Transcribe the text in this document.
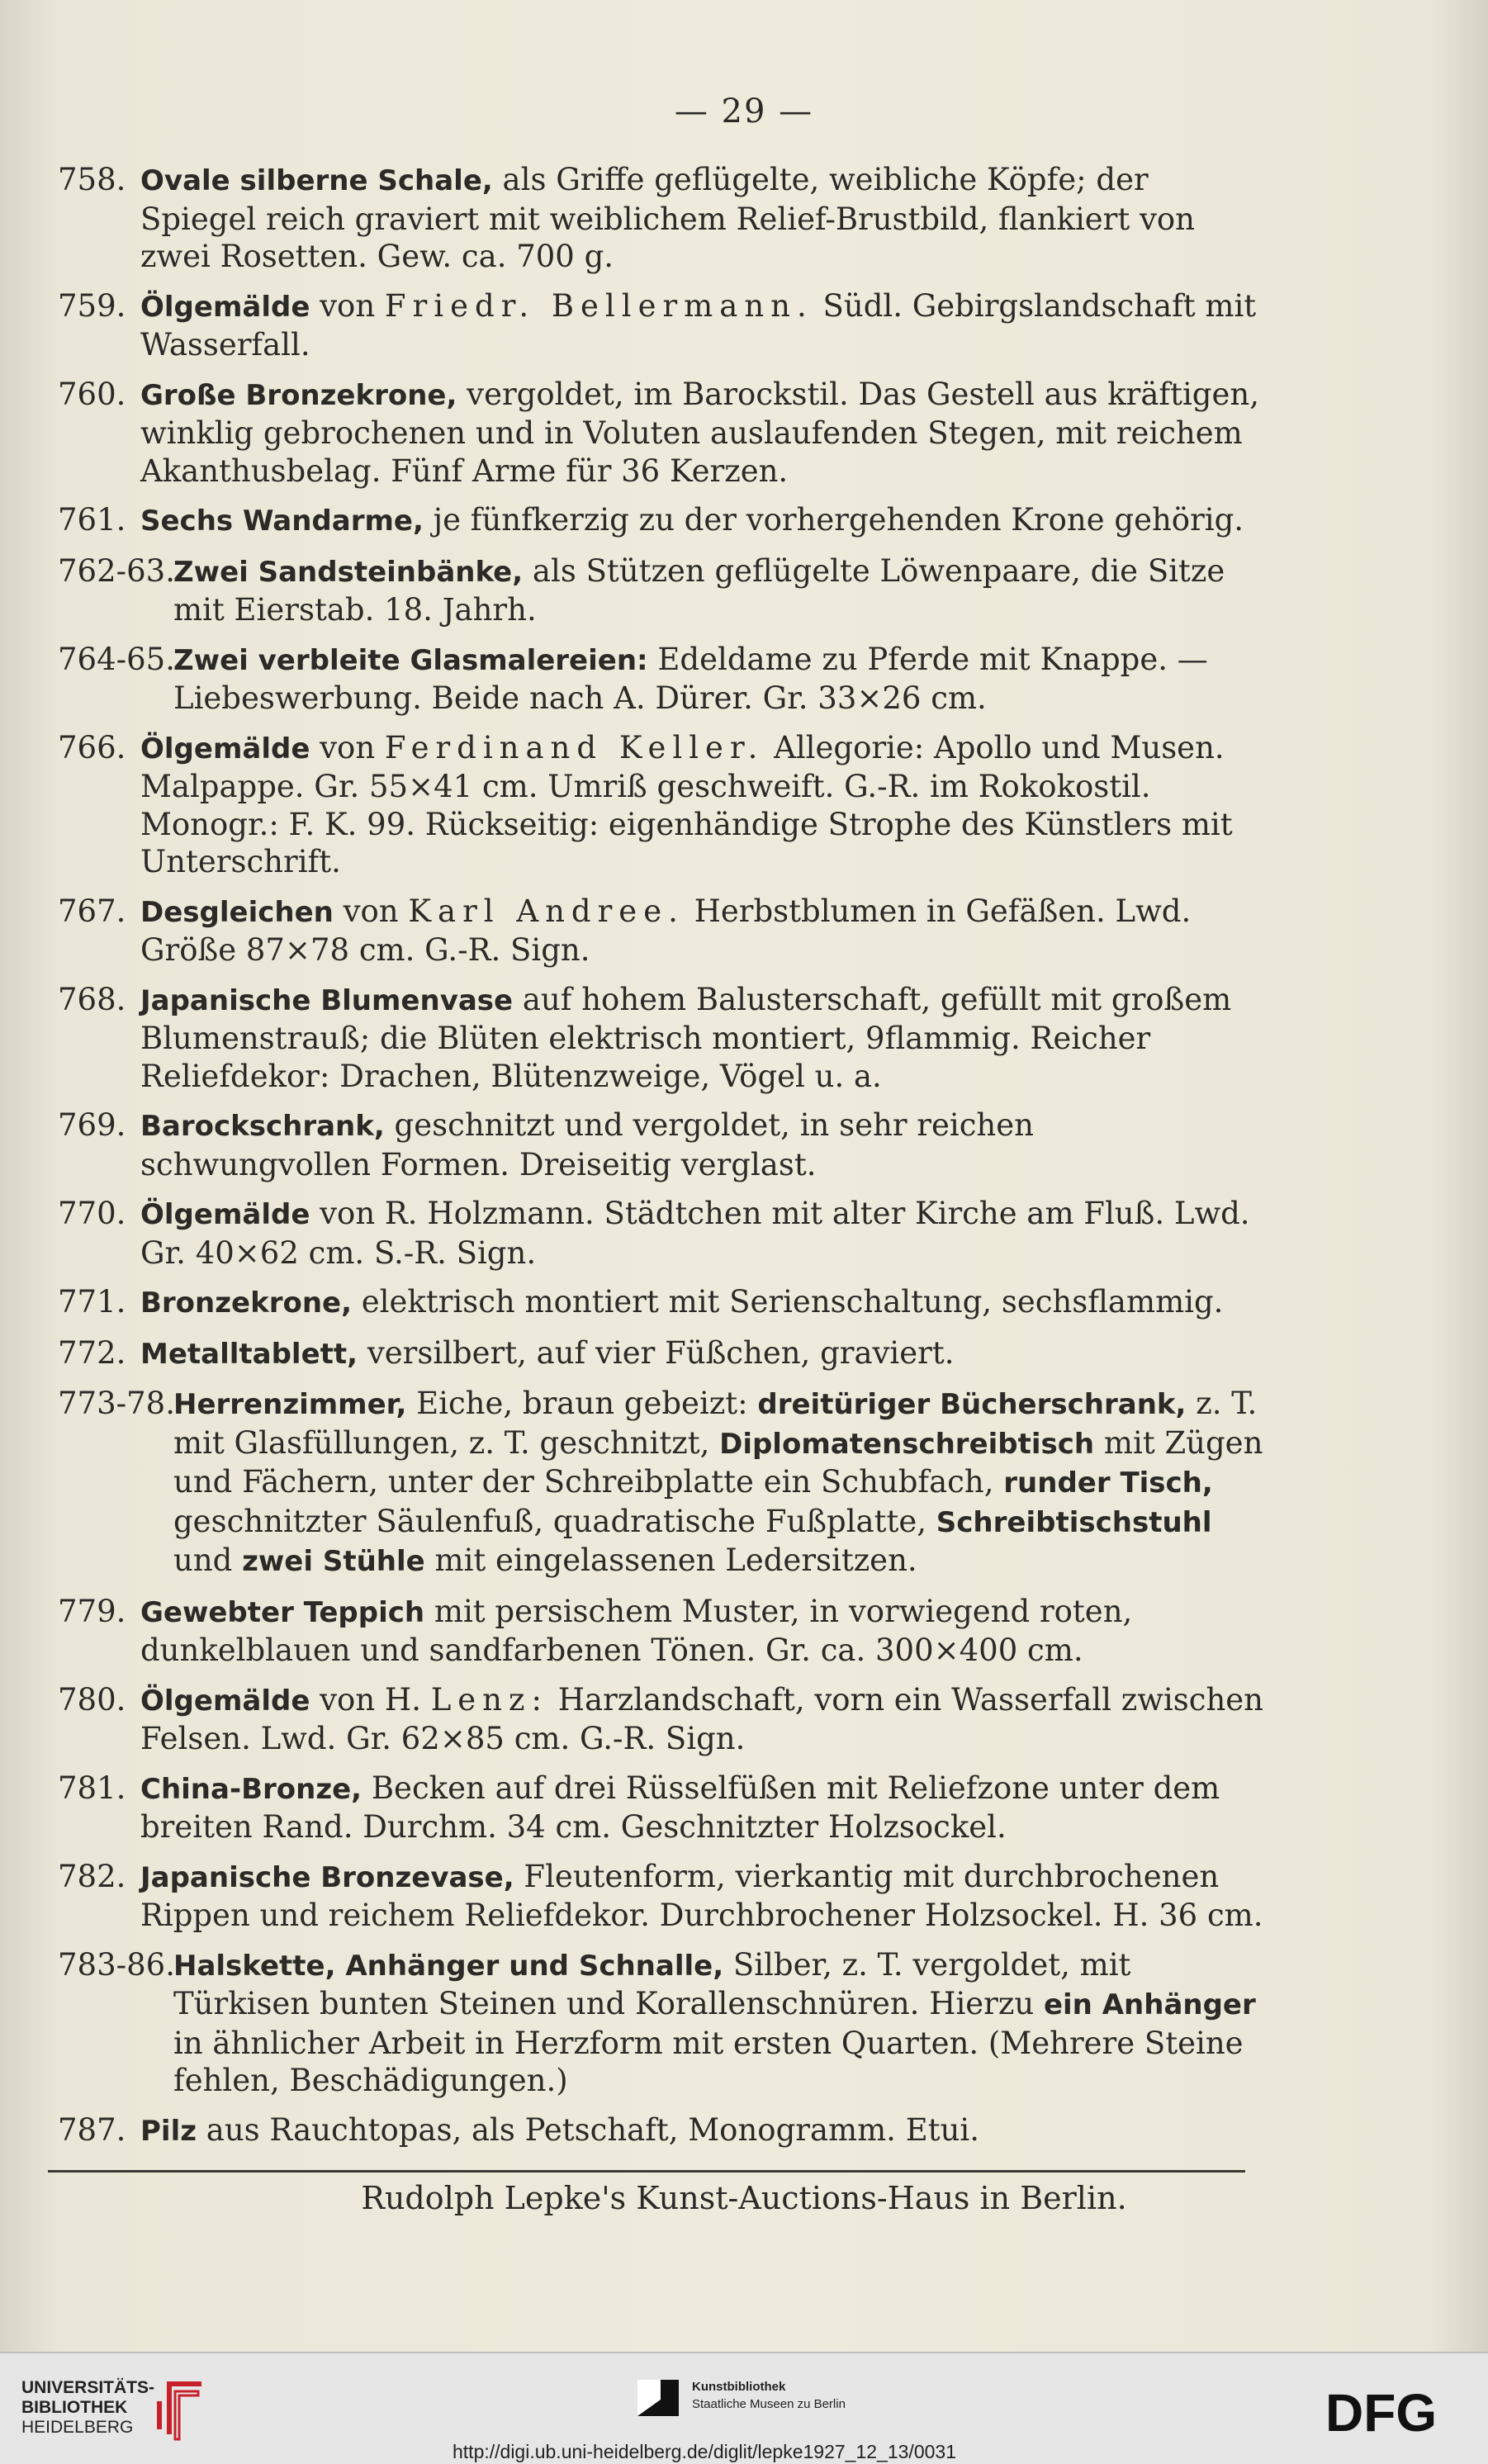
— 29 —
758. Ovale silberne Schale, als Griffe geflügelte, weibliche Köpfe; der Spiegel reich graviert mit weiblichem Relief-Brustbild, flankiert von zwei Rosetten. Gew. ca. 700 g.
759. Ölgemälde von Friedr. Bellermann. Südl. Gebirgslandschaft mit Wasserfall.
760. Große Bronzekrone, vergoldet, im Barockstil. Das Gestell aus kräftigen, winklig gebrochenen und in Voluten auslaufenden Stegen, mit reichem Akanthusbelag. Fünf Arme für 36 Kerzen.
761. Sechs Wandarme, je fünfkerzig zu der vorhergehenden Krone gehörig.
762-63.
Zwei Sandsteinbänke, als Stützen geflügelte Löwenpaare, die Sitze mit Eierstab. 18. Jahrh.
764-65.
Zwei verbleite Glasmalereien: Edeldame zu Pferde mit Knappe. — Liebeswerbung. Beide nach A. Dürer. Gr. 33×26 cm.
766. Ölgemälde von Ferdinand Keller. Allegorie: Apollo und Musen. Malpappe. Gr. 55×41 cm. Umriß geschweift. G.-R. im Rokokostil. Monogr.: F. K. 99. Rückseitig: eigenhändige Strophe des Künstlers mit Unterschrift.
767. Desgleichen von Karl Andree. Herbstblumen in Gefäßen. Lwd. Größe 87×78 cm. G.-R. Sign.
768. Japanische Blumenvase auf hohem Balusterschaft, gefüllt mit großem Blumenstrauß; die Blüten elektrisch montiert, 9flammig. Reicher Reliefdekor: Drachen, Blütenzweige, Vögel u. a.
769. Barockschrank, geschnitzt und vergoldet, in sehr reichen schwungvollen Formen. Dreiseitig verglast.
770. Ölgemälde von R. Holzmann. Städtchen mit alter Kirche am Fluß. Lwd. Gr. 40×62 cm. S.-R. Sign.
771. Bronzekrone, elektrisch montiert mit Serienschaltung, sechsflammig.
772. Metalltablett, versilbert, auf vier Füßchen, graviert.
773-78.
Herrenzimmer, Eiche, braun gebeizt: dreitüriger Bücherschrank, z. T. mit Glasfüllungen, z. T. geschnitzt, Diplomatenschreibtisch mit Zügen und Fächern, unter der Schreibplatte ein Schubfach, runder Tisch, geschnitzter Säulenfuß, quadratische Fußplatte, Schreibtischstuhl und zwei Stühle mit eingelassenen Ledersitzen.
779. Gewebter Teppich mit persischem Muster, in vorwiegend roten, dunkelblauen und sandfarbenen Tönen. Gr. ca. 300×400 cm.
780. Ölgemälde von H. Lenz: Harzlandschaft, vorn ein Wasserfall zwischen Felsen. Lwd. Gr. 62×85 cm. G.-R. Sign.
781. China-Bronze, Becken auf drei Rüsselfüßen mit Reliefzone unter dem breiten Rand. Durchm. 34 cm. Geschnitzter Holzsockel.
782. Japanische Bronzevase, Fleutenform, vierkantig mit durchbrochenen Rippen und reichem Reliefdekor. Durchbrochener Holzsockel. H. 36 cm.
783-86.
Halskette, Anhänger und Schnalle, Silber, z. T. vergoldet, mit Türkisen bunten Steinen und Korallenschnüren. Hierzu ein Anhänger in ähnlicher Arbeit in Herzform mit ersten Quarten. (Mehrere Steine fehlen, Beschädigungen.)
787. Pilz aus Rauchtopas, als Petschaft, Monogramm. Etui.
Rudolph Lepke's Kunst-Auctions-Haus in Berlin.
UNIVERSITÄTS-
BIBLIOTHEK
HEIDELBERG
Kunstbibliothek
Staatliche Museen zu Berlin	DFG
http://digi.ub.uni-heidelberg.de/diglit/lepke1927_12_13/0031
